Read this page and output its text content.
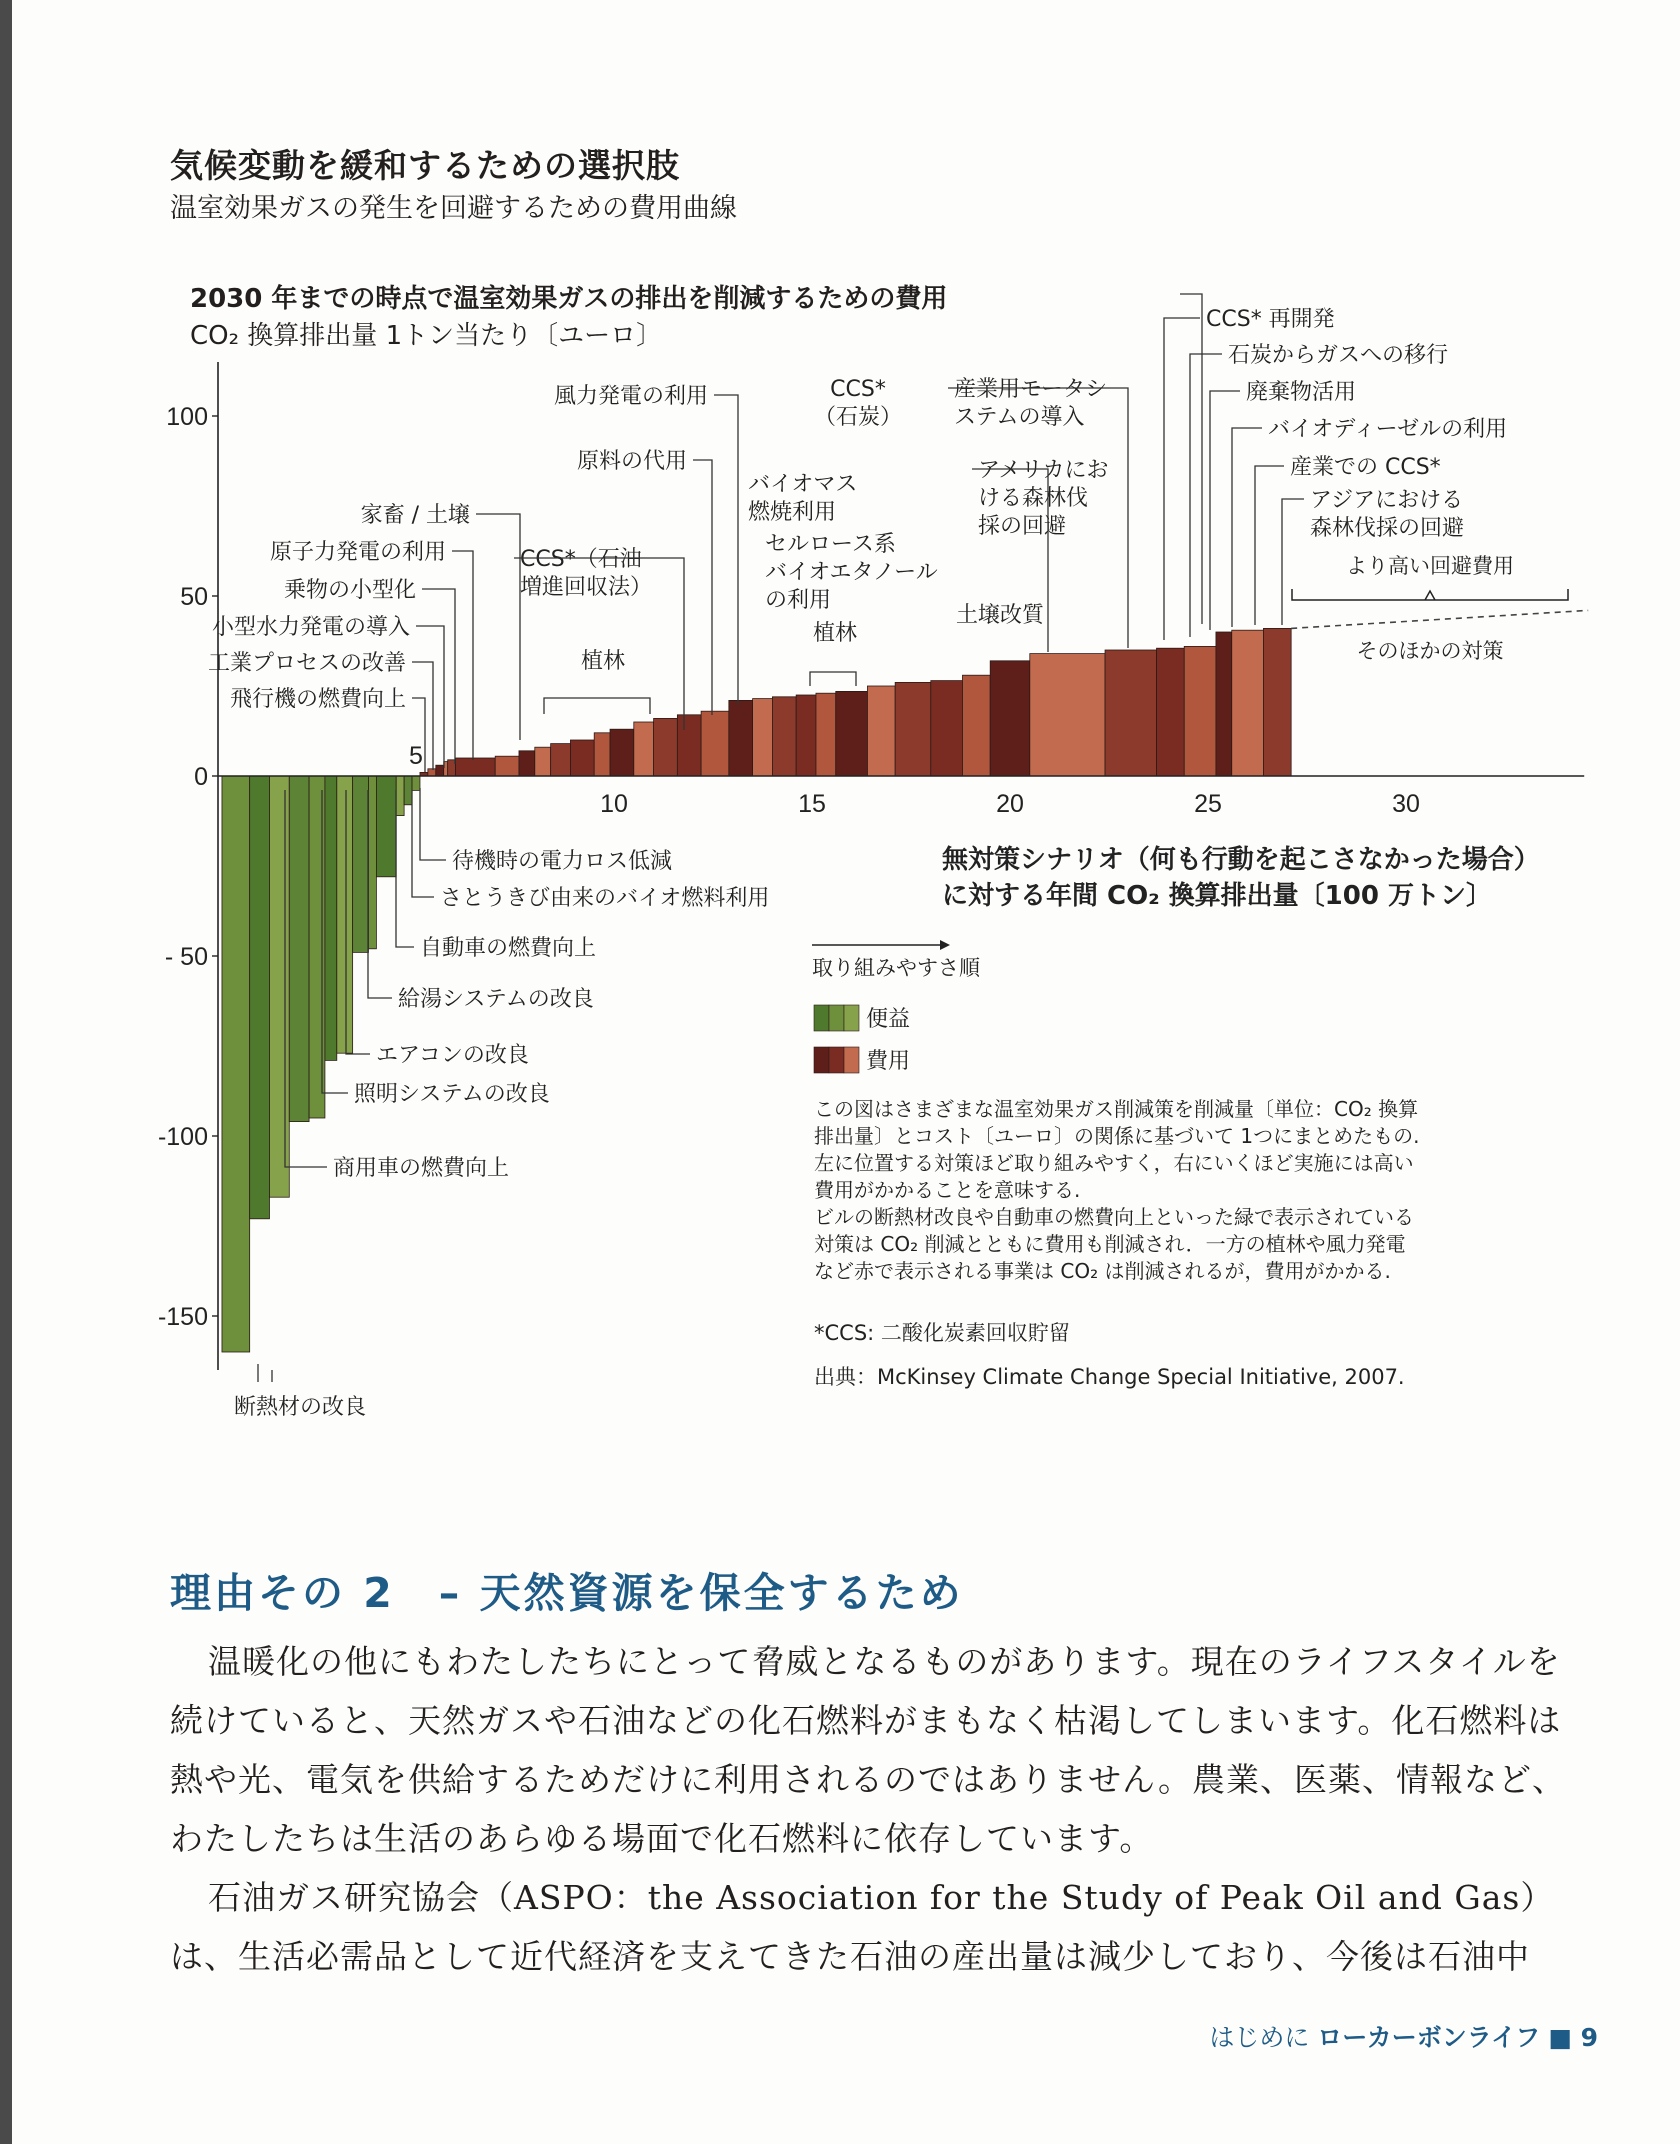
気候変動を緩和するための選択肢
温室効果ガスの発生を回避するための費用曲線
2030 年までの時点で温室効果ガスの排出を削減するための費用
CO₂ 換算排出量 1トン当たり〔ユーロ〕
100
50
0
- 50
-100
-150
5
10	15	20	25	30
そのほかの対策
より高い回避費用
家畜 / 土壌
原子力発電の利用
乗物の小型化
小型水力発電の導入
工業プロセスの改善
飛行機の燃費向上
風力発電の利用
原料の代用
CCS*（石油増進回収法）
植林
CCS*（石炭）
バイオマス燃焼利用
セルロース系バイオエタノールの利用
植林
産業用モータシステムの導入
アメリカにおける森林伐採の回避
土壌改質
CCS* 再開発
石炭からガスへの移行
廃棄物活用
バイオディーゼルの利用
産業での CCS*
アジアにおける森林伐採の回避
待機時の電力ロス低減
さとうきび由来のバイオ燃料利用
自動車の燃費向上
給湯システムの改良
エアコンの改良
照明システムの改良
商用車の燃費向上
断熱材の改良
無対策シナリオ（何も行動を起こさなかった場合）
に対する年間 CO₂ 換算排出量〔100 万トン〕
取り組みやすさ順
便益
費用
この図はさまざまな温室効果ガス削減策を削減量〔単位：CO₂ 換算
排出量〕とコスト〔ユーロ〕の関係に基づいて 1つにまとめたもの.
左に位置する対策ほど取り組みやすく，右にいくほど実施には高い
費用がかかることを意味する.
ビルの断熱材改良や自動車の燃費向上といった緑で表示されている
対策は CO₂ 削減とともに費用も削減され．一方の植林や風力発電
など赤で表示される事業は CO₂ は削減されるが，費用がかかる.
*CCS: 二酸化炭素回収貯留
出典：McKinsey Climate Change Special Initiative, 2007.
理由その 2　– 天然資源を保全するため

温暖化の他にもわたしたちにとって脅威となるものがあります。現在のライフスタイルを続けていると、天然ガスや石油などの化石燃料がまもなく枯渇してしまいます。化石燃料は熱や光、電気を供給するためだけに利用されるのではありません。農業、医薬、情報など、わたしたちは生活のあらゆる場面で化石燃料に依存しています。

石油ガス研究協会（ASPO：the Association for the Study of Peak Oil and Gas）は、生活必需品として近代経済を支えてきた石油の産出量は減少しており、今後は石油中

はじめに ローカーボンライフ ■ 9
